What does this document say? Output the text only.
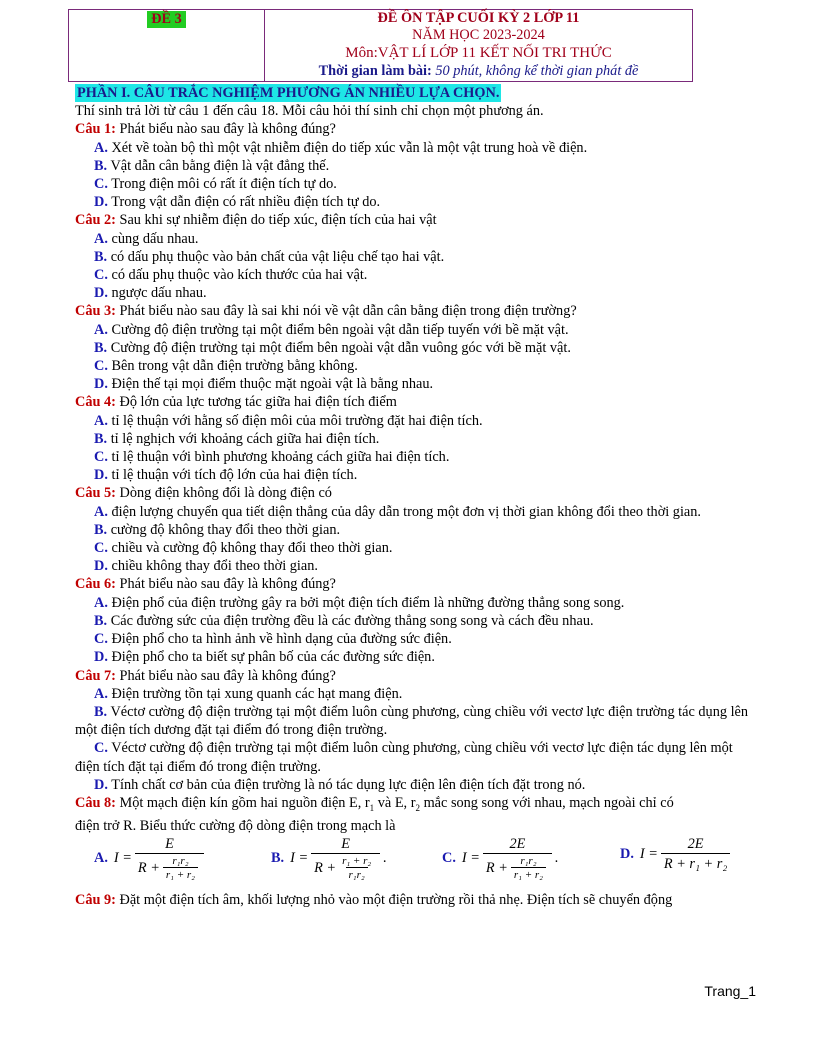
ĐỀ 3	ĐỀ ÔN TẬP CUỐI KỲ 2 LỚP 11
NĂM HỌC 2023-2024
Môn:VẬT LÍ LỚP 11 KẾT NỐI TRI THỨC
Thời gian làm bài: 50 phút, không kể thời gian phát đề
PHẦN I. CÂU TRẮC NGHIỆM PHƯƠNG ÁN NHIỀU LỰA CHỌN.
Thí sinh trả lời từ câu 1 đến câu 18. Mỗi câu hỏi thí sinh chỉ chọn một phương án.
Câu 1: Phát biểu nào sau đây là không đúng?
A. Xét về toàn bộ thì một vật nhiễm điện do tiếp xúc vẫn là một vật trung hoà về điện.
B. Vật dẫn cân bằng điện là vật đẳng thế.
C. Trong điện môi có rất ít điện tích tự do.
D. Trong vật dẫn điện có rất nhiều điện tích tự do.
Câu 2: Sau khi sự nhiễm điện do tiếp xúc, điện tích của hai vật
A. cùng dấu nhau.
B. có dấu phụ thuộc vào bản chất của vật liệu chế tạo hai vật.
C. có dấu phụ thuộc vào kích thước của hai vật.
D. ngược dấu nhau.
Câu 3: Phát biểu nào sau đây là sai khi nói về vật dẫn cân bằng điện trong điện trường?
A. Cường độ điện trường tại một điểm bên ngoài vật dẫn tiếp tuyến với bề mặt vật.
B. Cường độ điện trường tại một điểm bên ngoài vật dẫn vuông góc với bề mặt vật.
C. Bên trong vật dẫn điện trường bằng không.
D. Điện thế tại mọi điểm thuộc mặt ngoài vật là bằng nhau.
Câu 4: Độ lớn của lực tương tác giữa hai điện tích điểm
A. tỉ lệ thuận với hằng số điện môi của môi trường đặt hai điện tích.
B. tỉ lệ nghịch với khoảng cách giữa hai điện tích.
C. tỉ lệ thuận với bình phương khoảng cách giữa hai điện tích.
D. tỉ lệ thuận với tích độ lớn của hai điện tích.
Câu 5: Dòng điện không đổi là dòng điện có
A. điện lượng chuyển qua tiết diện thẳng của dây dẫn trong một đơn vị thời gian không đổi theo thời gian.
B. cường độ không thay đổi theo thời gian.
C. chiều và cường độ không thay đổi theo thời gian.
D. chiều không thay đổi theo thời gian.
Câu 6: Phát biểu nào sau đây là không đúng?
A. Điện phổ của điện trường gây ra bởi một điện tích điểm là những đường thẳng song song.
B. Các đường sức của điện trường đều là các đường thẳng song song và cách đều nhau.
C. Điện phổ cho ta hình ảnh về hình dạng của đường sức điện.
D. Điện phổ cho ta biết sự phân bố của các đường sức điện.
Câu 7: Phát biểu nào sau đây là không đúng?
A. Điện trường tồn tại xung quanh các hạt mang điện.
B. Véctơ cường độ điện trường tại một điểm luôn cùng phương, cùng chiều với vectơ lực điện trường tác dụng lên một điện tích dương đặt tại điểm đó trong điện trường.
C. Véctơ cường độ điện trường tại một điểm luôn cùng phương, cùng chiều với vectơ lực điện tác dụng lên một điện tích đặt tại điểm đó trong điện trường.
D. Tính chất cơ bản của điện trường là nó tác dụng lực điện lên điện tích đặt trong nó.
Câu 8: Một mạch điện kín gồm hai nguồn điện E, $r_1$ và E, $r_2$ mắc song song với nhau, mạch ngoài chỉ có
điện trở R. Biểu thức cường độ dòng điện trong mạch là
A. $I = \frac{E}{R + \frac{\text{r₁r₂}}{\text{r₁ + r₂}}}$	B. $I = \frac{E}{R + \frac{\text{r₁ + r₂}}{\text{r₁r₂}}}$ .	C. $I = \frac{2E}{R + \frac{\text{r₁r₂}}{\text{r₁ + r₂}}}$ .	D. $I = \frac{2E}{\text{R + r₁ + r₂}}$
Câu 9: Đặt một điện tích âm, khối lượng nhỏ vào một điện trường rồi thả nhẹ. Điện tích sẽ chuyển động
Trang_1
